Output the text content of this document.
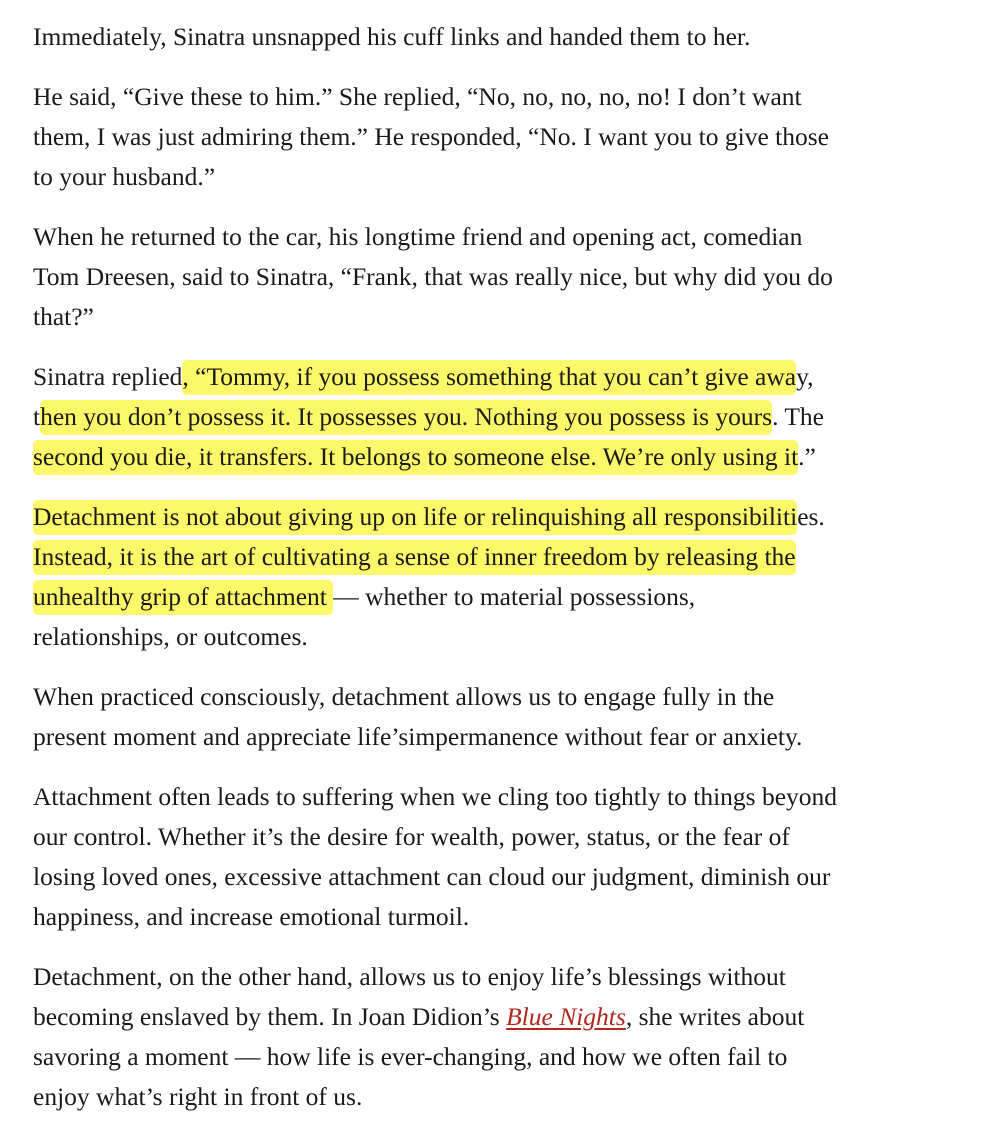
Immediately, Sinatra unsnapped his cuff links and handed them to her.

He said, “Give these to him.” She replied, “No, no, no, no, no! I don’t want
them, I was just admiring them.” He responded, “No. I want you to give those
to your husband.”

When he returned to the car, his longtime friend and opening act, comedian
Tom Dreesen, said to Sinatra, “Frank, that was really nice, but why did you do
that?”

Sinatra replied, “Tommy, if you possess something that you can’t give away,
then you don’t possess it. It possesses you. Nothing you possess is yours. The
second you die, it transfers. It belongs to someone else. We’re only using it.”

Detachment is not about giving up on life or relinquishing all responsibilities.
Instead, it is the art of cultivating a sense of inner freedom by releasing the
unhealthy grip of attachment — whether to material possessions,
relationships, or outcomes.

When practiced consciously, detachment allows us to engage fully in the
present moment and appreciate life’simpermanence without fear or anxiety.

Attachment often leads to suffering when we cling too tightly to things beyond
our control. Whether it’s the desire for wealth, power, status, or the fear of
losing loved ones, excessive attachment can cloud our judgment, diminish our
happiness, and increase emotional turmoil.

Detachment, on the other hand, allows us to enjoy life’s blessings without
becoming enslaved by them. In Joan Didion’s Blue Nights, she writes about
savoring a moment — how life is ever-changing, and how we often fail to
enjoy what’s right in front of us.
